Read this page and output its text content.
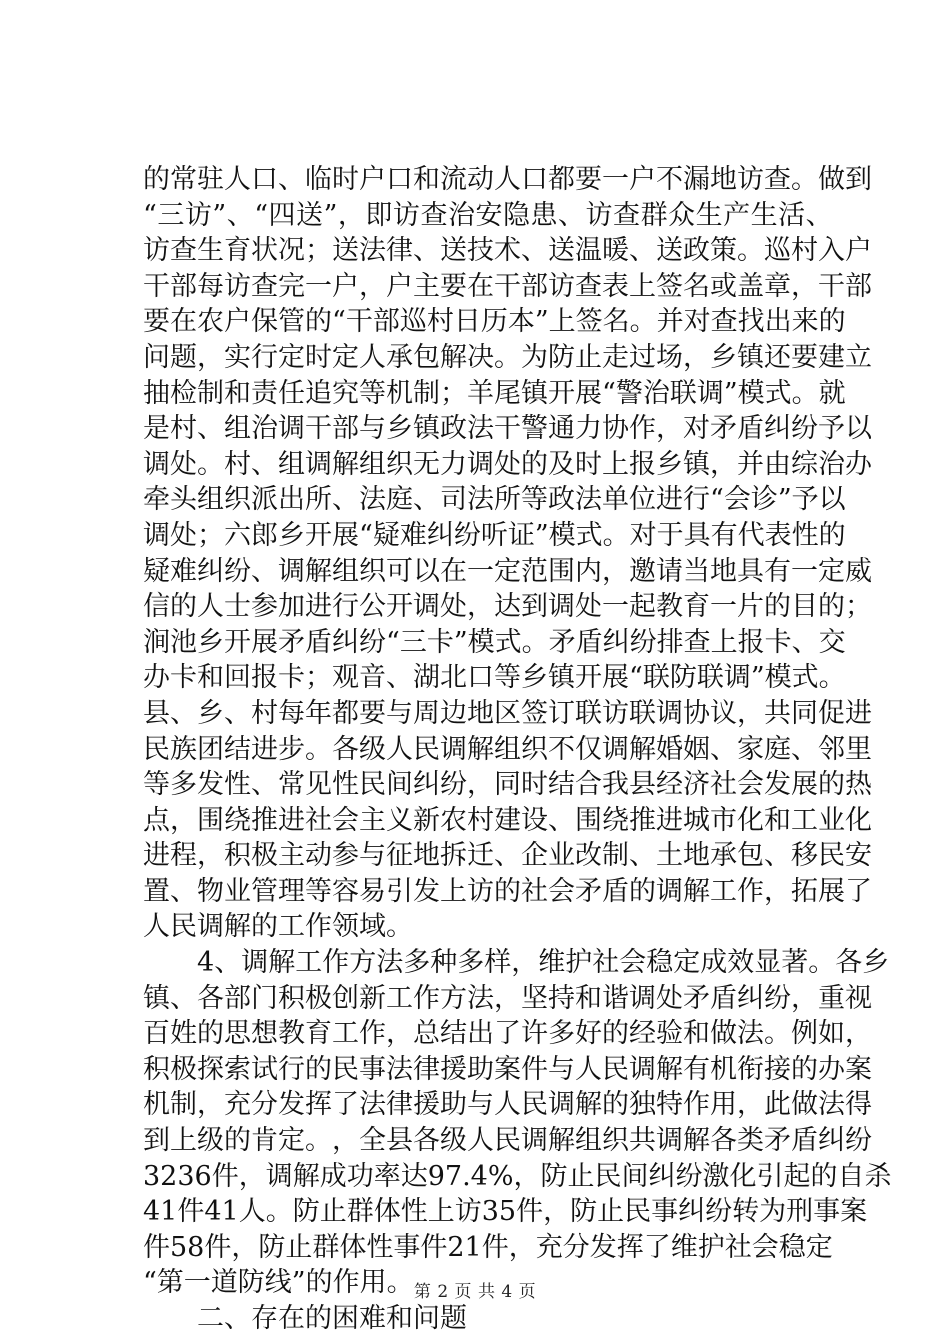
的 常 驻 人 口 、 临 时 户 口 和 流 动 人 口 都 要 一 户 不 漏 地 访 查 。 做 到
“ 三 访 ” 、 “ 四 送 ” ， 即 访 查 治 安 隐 患 、 访 查 群 众 生 产 生 活 、
访 查 生 育 状 况 ； 送 法 律 、 送 技 术 、 送 温 暖 、 送 政 策 。 巡 村 入 户
干 部 每 访 查 完 一 户 ， 户 主 要 在 干 部 访 查 表 上 签 名 或 盖 章 ， 干 部
要 在 农 户 保 管 的 “ 干 部 巡 村 日 历 本 ” 上 签 名 。 并 对 查 找 出 来 的
问 题 ， 实 行 定 时 定 人 承 包 解 决 。 为 防 止 走 过 场 ， 乡 镇 还 要 建 立
抽 检 制 和 责 任 追 究 等 机 制 ； 羊 尾 镇 开 展 “ 警 治 联 调 ” 模 式 。 就
是 村 、 组 治 调 干 部 与 乡 镇 政 法 干 警 通 力 协 作 ， 对 矛 盾 纠 纷 予 以
调 处 。 村 、 组 调 解 组 织 无 力 调 处 的 及 时 上 报 乡 镇 ， 并 由 综 治 办
牵 头 组 织 派 出 所 、 法 庭 、 司 法 所 等 政 法 单 位 进 行 “ 会 诊 ” 予 以
调 处 ； 六 郎 乡 开 展 “ 疑 难 纠 纷 听 证 ” 模 式 。 对 于 具 有 代 表 性 的
疑 难 纠 纷 、 调 解 组 织 可 以 在 一 定 范 围 内 ， 邀 请 当 地 具 有 一 定 威
信 的 人 士 参 加 进 行 公 开 调 处 ， 达 到 调 处 一 起 教 育 一 片 的 目 的 ；
涧 池 乡 开 展 矛 盾 纠 纷 “ 三 卡 ” 模 式 。 矛 盾 纠 纷 排 查 上 报 卡 、 交
办 卡 和 回 报 卡 ； 观 音 、 湖 北 口 等 乡 镇 开 展 “ 联 防 联 调 ” 模 式 。
县 、 乡 、 村 每 年 都 要 与 周 边 地 区 签 订 联 访 联 调 协 议 ， 共 同 促 进
民 族 团 结 进 步 。 各 级 人 民 调 解 组 织 不 仅 调 解 婚 姻 、 家 庭 、 邻 里
等 多 发 性 、 常 见 性 民 间 纠 纷 ， 同 时 结 合 我 县 经 济 社 会 发 展 的 热
点 ， 围 绕 推 进 社 会 主 义 新 农 村 建 设 、 围 绕 推 进 城 市 化 和 工 业 化
进 程 ， 积 极 主 动 参 与 征 地 拆 迁 、 企 业 改 制 、 土 地 承 包 、 移 民 安
置 、 物 业 管 理 等 容 易 引 发 上 访 的 社 会 矛 盾 的 调 解 工 作 ， 拓 展 了
人民调解的工作领域。
4 、 调 解 工 作 方 法 多 种 多 样 ， 维 护 社 会 稳 定 成 效 显 著 。 各 乡
镇 、 各 部 门 积 极 创 新 工 作 方 法 ， 坚 持 和 谐 调 处 矛 盾 纠 纷 ， 重 视
百 姓 的 思 想 教 育 工 作 ， 总 结 出 了 许 多 好 的 经 验 和 做 法 。 例 如 ，
积 极 探 索 试 行 的 民 事 法 律 援 助 案 件 与 人 民 调 解 有 机 衔 接 的 办 案
机 制 ， 充 分 发 挥 了 法 律 援 助 与 人 民 调 解 的 独 特 作 用 ， 此 做 法 得
到 上 级 的 肯 定 。 ， 全 县 各 级 人 民 调 解 组 织 共 调 解 各 类 矛 盾 纠 纷
3236 件 ， 调 解 成 功 率 达 97.4% ， 防 止 民 间 纠 纷 激 化 引 起 的 自 杀
41 件 41 人 。 防 止 群 体 性 上 访 35 件 ， 防 止 民 事 纠 纷 转 为 刑 事 案
件 58 件 ， 防 止 群 体 性 事 件 21 件 ， 充 分 发 挥 了 维 护 社 会 稳 定
“第一道防线”的作用。
二、存在的困难和问题
第 2 页 共 4 页
